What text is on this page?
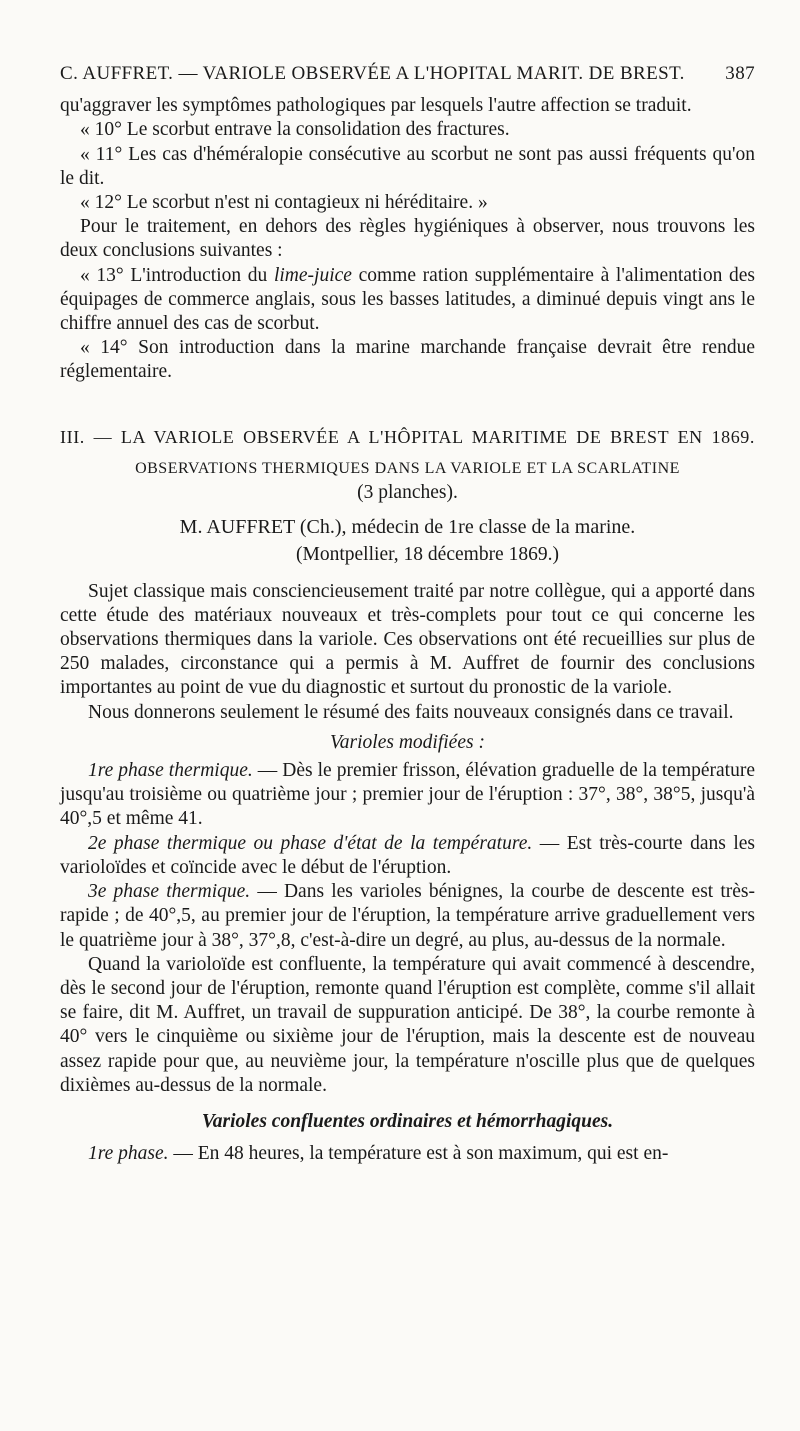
C. AUFFRET. — VARIOLE OBSERVÉE A L'HOPITAL MARIT. DE BREST. 387

qu'aggraver les symptômes pathologiques par lesquels l'autre affection se traduit.

« 10° Le scorbut entrave la consolidation des fractures.

« 11° Les cas d'héméralopie consécutive au scorbut ne sont pas aussi fréquents qu'on le dit.

« 12° Le scorbut n'est ni contagieux ni héréditaire. »

Pour le traitement, en dehors des règles hygiéniques à observer, nous trouvons les deux conclusions suivantes :

« 13° L'introduction du lime-juice comme ration supplémentaire à l'alimentation des équipages de commerce anglais, sous les basses latitudes, a diminué depuis vingt ans le chiffre annuel des cas de scorbut.

« 14° Son introduction dans la marine marchande française devrait être rendue réglementaire.

III. — LA VARIOLE OBSERVÉE A L'HÔPITAL MARITIME DE BREST EN 1869.

OBSERVATIONS THERMIQUES DANS LA VARIOLE ET LA SCARLATINE

(3 planches).

M. AUFFRET (Ch.), médecin de 1re classe de la marine.

(Montpellier, 18 décembre 1869.)

Sujet classique mais consciencieusement traité par notre collègue, qui a apporté dans cette étude des matériaux nouveaux et très-complets pour tout ce qui concerne les observations thermiques dans la variole. Ces observations ont été recueillies sur plus de 250 malades, circonstance qui a permis à M. Auffret de fournir des conclusions importantes au point de vue du diagnostic et surtout du pronostic de la variole.

Nous donnerons seulement le résumé des faits nouveaux consignés dans ce travail.

Varioles modifiées :

1re phase thermique. — Dès le premier frisson, élévation graduelle de la température jusqu'au troisième ou quatrième jour ; premier jour de l'éruption : 37°, 38°, 38°5, jusqu'à 40°,5 et même 41.

2e phase thermique ou phase d'état de la température. — Est très-courte dans les varioloïdes et coïncide avec le début de l'éruption.

3e phase thermique. — Dans les varioles bénignes, la courbe de descente est très-rapide ; de 40°,5, au premier jour de l'éruption, la température arrive graduellement vers le quatrième jour à 38°, 37°,8, c'est-à-dire un degré, au plus, au-dessus de la normale.

Quand la varioloïde est confluente, la température qui avait commencé à descendre, dès le second jour de l'éruption, remonte quand l'éruption est complète, comme s'il allait se faire, dit M. Auffret, un travail de suppuration anticipé. De 38°, la courbe remonte à 40° vers le cinquième ou sixième jour de l'éruption, mais la descente est de nouveau assez rapide pour que, au neuvième jour, la température n'oscille plus que de quelques dixièmes au-dessus de la normale.

Varioles confluentes ordinaires et hémorrhagiques.

1re phase. — En 48 heures, la température est à son maximum, qui est en-
